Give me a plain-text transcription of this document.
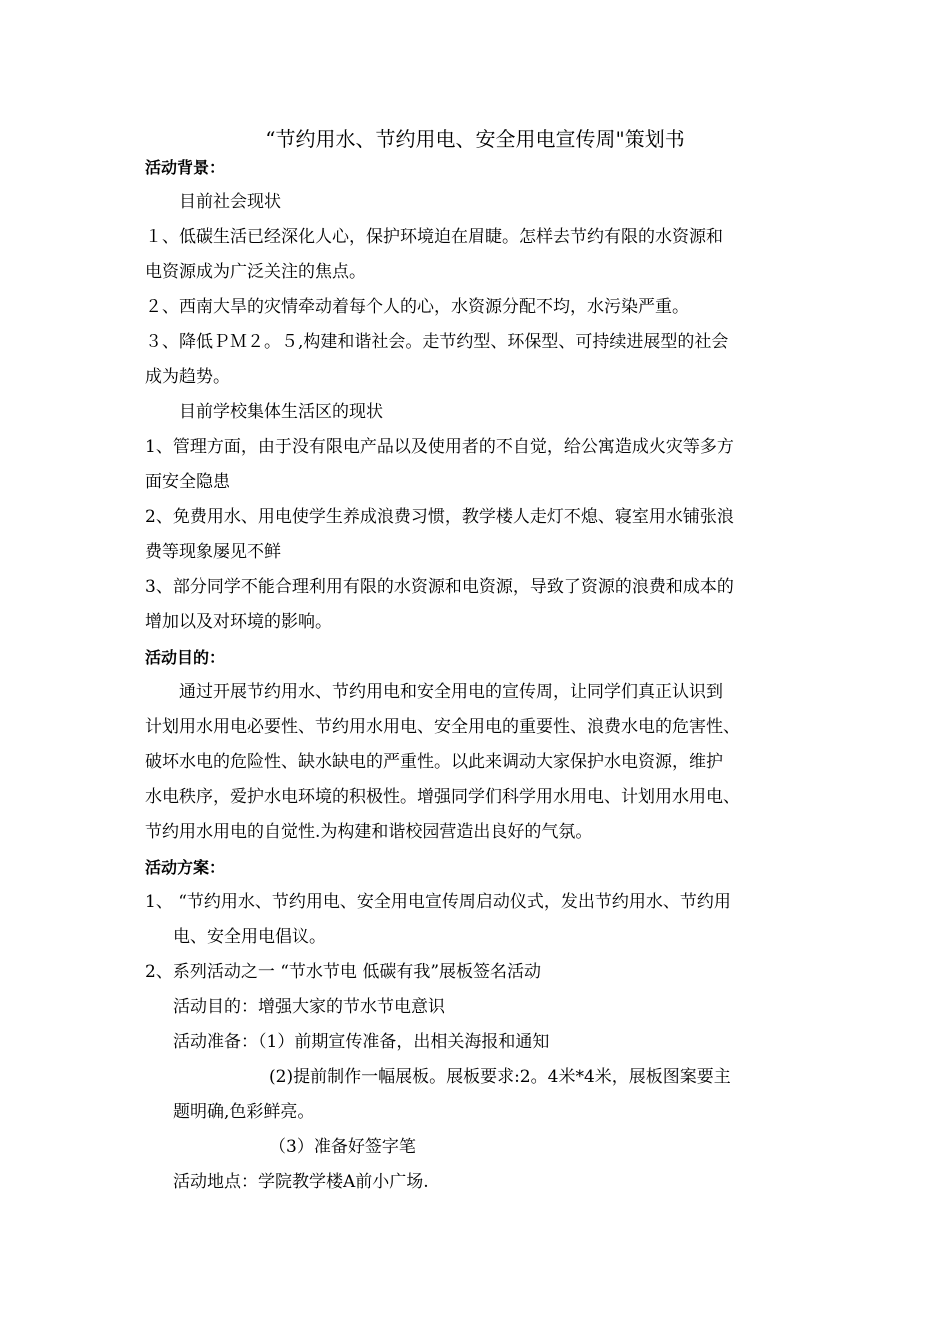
“节约用水、节约用电、安全用电宣传周"策划书
活动背景：
目前社会现状
１、低碳生活已经深化人心，保护环境迫在眉睫。怎样去节约有限的水资源和
电资源成为广泛关注的焦点。
２、西南大旱的灾情牵动着每个人的心，水资源分配不均，水污染严重。
３、降低ＰＭ２。５,构建和谐社会。走节约型、环保型、可持续进展型的社会
成为趋势。
目前学校集体生活区的现状
1、管理方面，由于没有限电产品以及使用者的不自觉，给公寓造成火灾等多方
面安全隐患
2、免费用水、用电使学生养成浪费习惯，教学楼人走灯不熄、寝室用水铺张浪
费等现象屡见不鲜
3、部分同学不能合理利用有限的水资源和电资源，导致了资源的浪费和成本的
增加以及对环境的影响。
活动目的：
通过开展节约用水、节约用电和安全用电的宣传周，让同学们真正认识到
计划用水用电必要性、节约用水用电、安全用电的重要性、浪费水电的危害性、
破坏水电的危险性、缺水缺电的严重性。以此来调动大家保护水电资源，维护
水电秩序，爱护水电环境的积极性。增强同学们科学用水用电、计划用水用电、
节约用水用电的自觉性.为构建和谐校园营造出良好的气氛。
活动方案：
1、 “节约用水、节约用电、安全用电宣传周启动仪式，发出节约用水、节约用
电、安全用电倡议。
2、系列活动之一 “节水节电 低碳有我”展板签名活动
活动目的：增强大家的节水节电意识
活动准备：（1）前期宣传准备，出相关海报和通知
(2)提前制作一幅展板。展板要求:2。4米*4米，展板图案要主
题明确,色彩鲜亮。
（3）准备好签字笔
活动地点：学院教学楼A前小广场.
